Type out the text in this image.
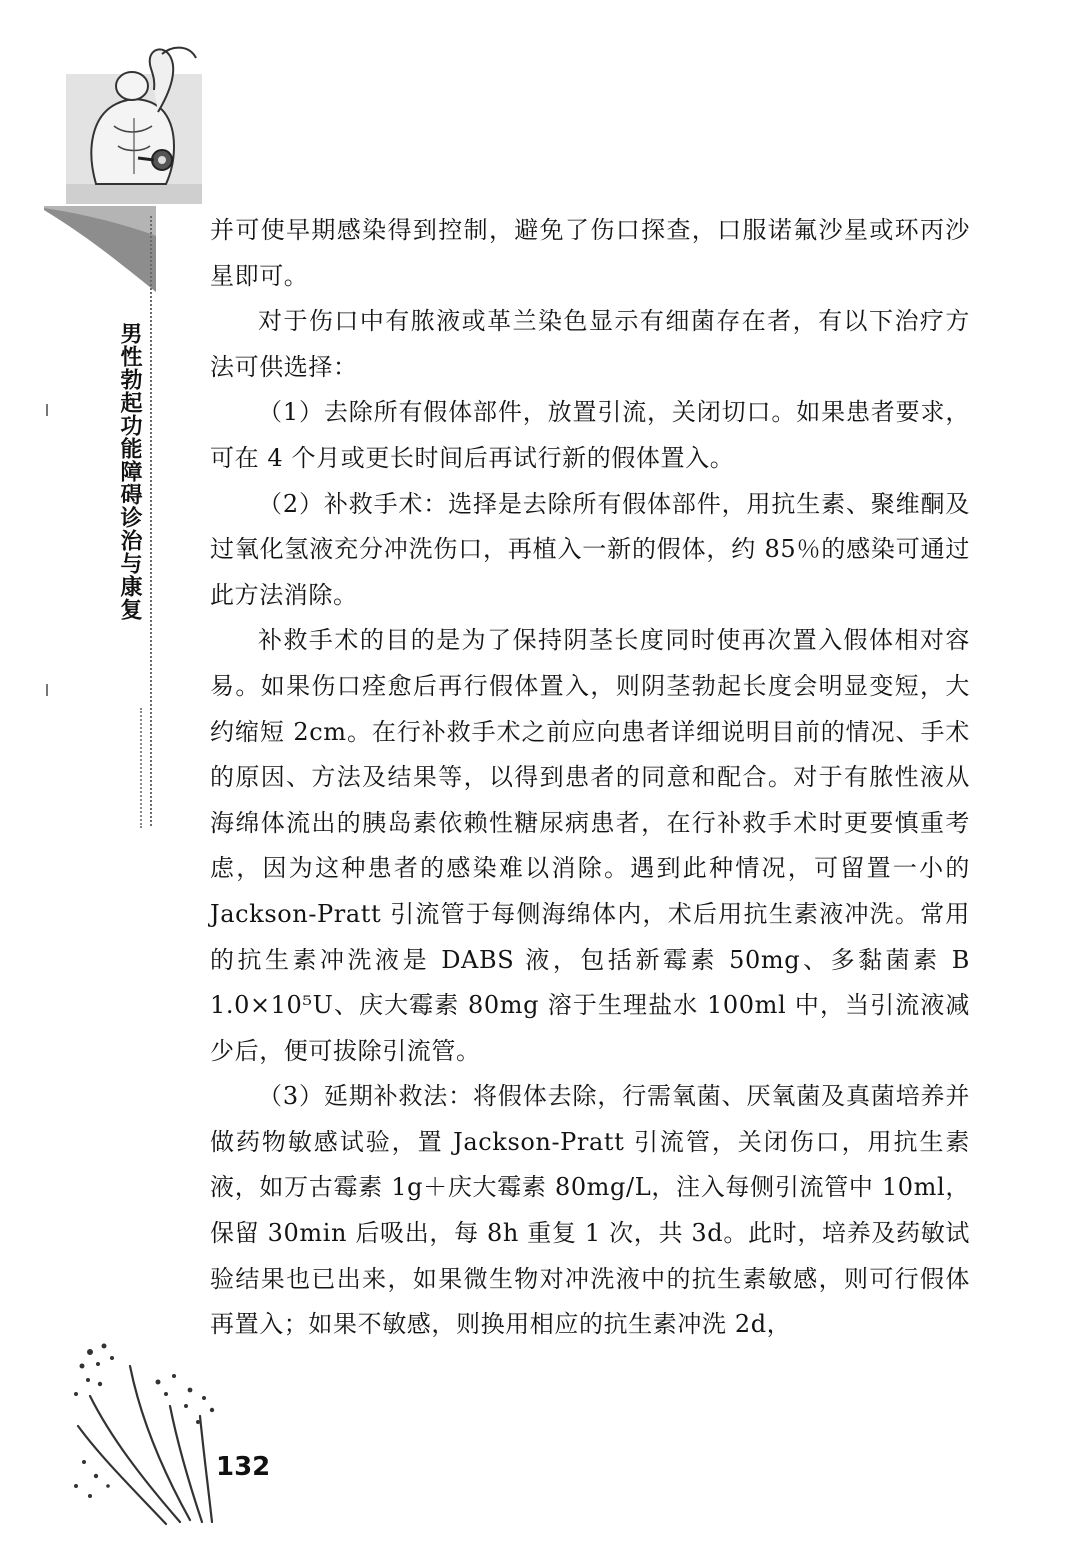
男性勃起功能障碍诊治与康复

并可使早期感染得到控制，避免了伤口探查，口服诺氟沙星或环丙沙星即可。

对于伤口中有脓液或革兰染色显示有细菌存在者，有以下治疗方法可供选择：

（1）去除所有假体部件，放置引流，关闭切口。如果患者要求，可在 4 个月或更长时间后再试行新的假体置入。

（2）补救手术：选择是去除所有假体部件，用抗生素、聚维酮及过氧化氢液充分冲洗伤口，再植入一新的假体，约 85％的感染可通过此方法消除。

补救手术的目的是为了保持阴茎长度同时使再次置入假体相对容易。如果伤口痊愈后再行假体置入，则阴茎勃起长度会明显变短，大约缩短 2cm。在行补救手术之前应向患者详细说明目前的情况、手术的原因、方法及结果等，以得到患者的同意和配合。对于有脓性液从海绵体流出的胰岛素依赖性糖尿病患者，在行补救手术时更要慎重考虑，因为这种患者的感染难以消除。遇到此种情况，可留置一小的 Jackson-Pratt 引流管于每侧海绵体内，术后用抗生素液冲洗。常用的抗生素冲洗液是 DABS 液，包括新霉素 50mg、多黏菌素 B 1.0×10⁵U、庆大霉素 80mg 溶于生理盐水 100ml 中，当引流液减少后，便可拔除引流管。

（3）延期补救法：将假体去除，行需氧菌、厌氧菌及真菌培养并做药物敏感试验，置 Jackson-Pratt 引流管，关闭伤口，用抗生素液，如万古霉素 1g＋庆大霉素 80mg/L，注入每侧引流管中 10ml，保留 30min 后吸出，每 8h 重复 1 次，共 3d。此时，培养及药敏试验结果也已出来，如果微生物对冲洗液中的抗生素敏感，则可行假体再置入；如果不敏感，则换用相应的抗生素冲洗 2d，

132
